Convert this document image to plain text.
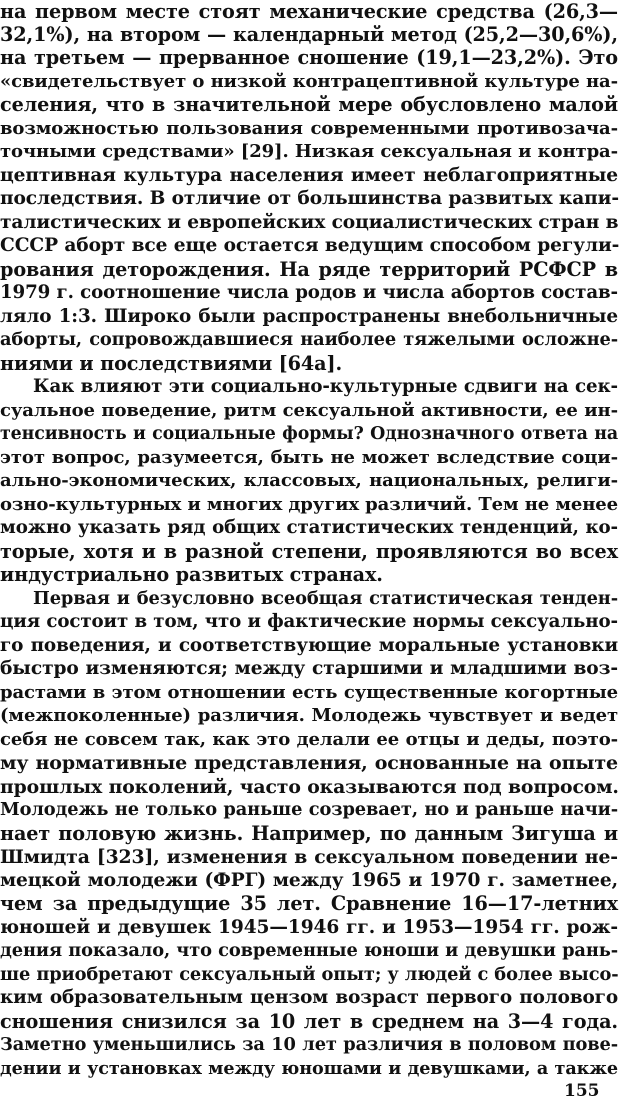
на первом месте стоят механические средства (26,3—
32,1%), на втором — календарный метод (25,2—30,6%),
на третьем — прерванное сношение (19,1—23,2%). Это
«свидетельствует о низкой контрацептивной культуре на-
селения, что в значительной мере обусловлено малой
возможностью пользования современными противозача-
точными средствами» [29]. Низкая сексуальная и контра-
цептивная культура населения имеет неблагоприятные
последствия. В отличие от большинства развитых капи-
талистических и европейских социалистических стран в
СССР аборт все еще остается ведущим способом регули-
рования деторождения. На ряде территорий РСФСР в
1979 г. соотношение числа родов и числа абортов состав-
ляло 1:3. Широко были распространены внебольничные
аборты, сопровождавшиеся наиболее тяжелыми осложне-
ниями и последствиями [64а].
Как влияют эти социально-культурные сдвиги на сек-
суальное поведение, ритм сексуальной активности, ее ин-
тенсивность и социальные формы? Однозначного ответа на
этот вопрос, разумеется, быть не может вследствие соци-
ально-экономических, классовых, национальных, религи-
озно-культурных и многих других различий. Тем не менее
можно указать ряд общих статистических тенденций, ко-
торые, хотя и в разной степени, проявляются во всех
индустриально развитых странах.
Первая и безусловно всеобщая статистическая тенден-
ция состоит в том, что и фактические нормы сексуально-
го поведения, и соответствующие моральные установки
быстро изменяются; между старшими и младшими воз-
растами в этом отношении есть существенные когортные
(межпоколенные) различия. Молодежь чувствует и ведет
себя не совсем так, как это делали ее отцы и деды, поэто-
му нормативные представления, основанные на опыте
прошлых поколений, часто оказываются под вопросом.
Молодежь не только раньше созревает, но и раньше начи-
нает половую жизнь. Например, по данным Зигуша и
Шмидта [323], изменения в сексуальном поведении не-
мецкой молодежи (ФРГ) между 1965 и 1970 г. заметнее,
чем за предыдущие 35 лет. Сравнение 16—17-летних
юношей и девушек 1945—1946 гг. и 1953—1954 гг. рож-
дения показало, что современные юноши и девушки рань-
ше приобретают сексуальный опыт; у людей с более высо-
ким образовательным цензом возраст первого полового
сношения снизился за 10 лет в среднем на 3—4 года.
Заметно уменьшились за 10 лет различия в половом пове-
дении и установках между юношами и девушками, а также
155
